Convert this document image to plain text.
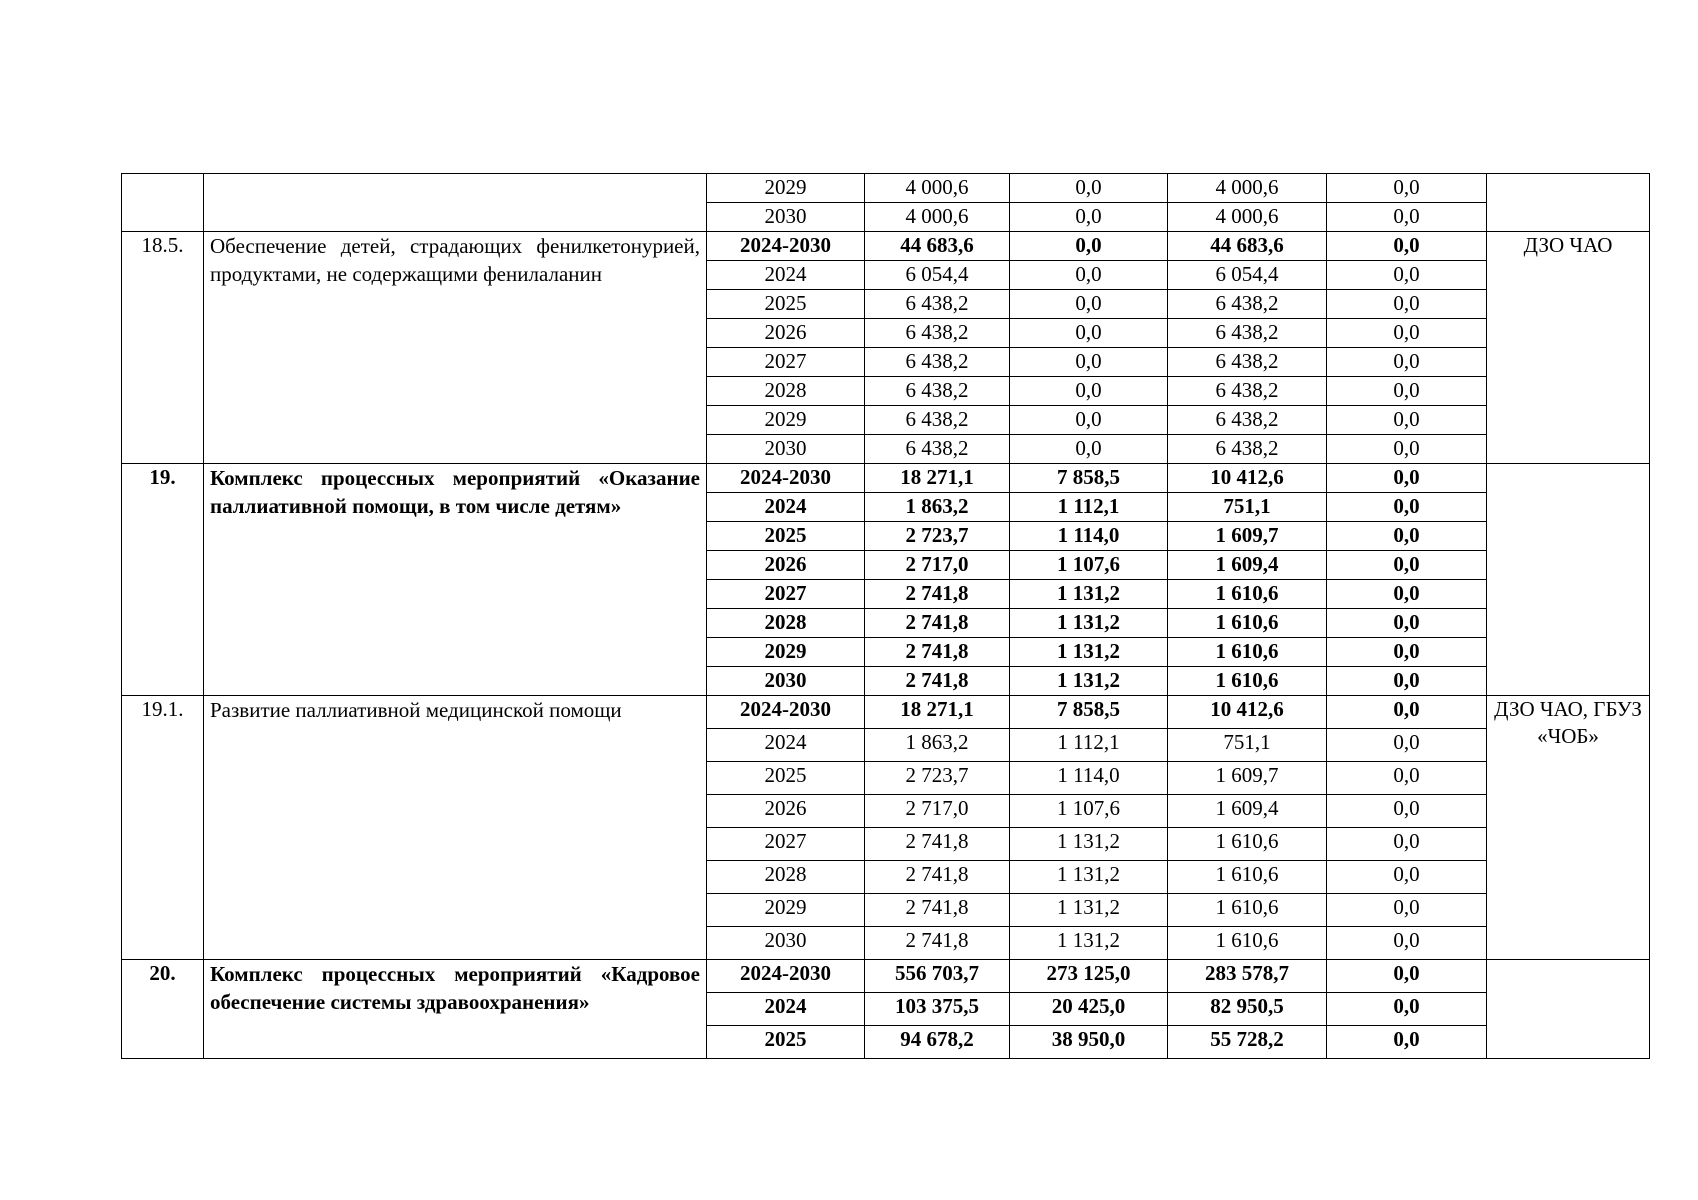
		2029	4 000,6	0,0	4 000,6	0,0	
		2030	4 000,6	0,0	4 000,6	0,0	
18.5.	Обеспечение детей, страдающих фенилкетонурией, продуктами, не содержащими фенилаланин	2024-2030	44 683,6	0,0	44 683,6	0,0	ДЗО ЧАО
		2024	6 054,4	0,0	6 054,4	0,0	
		2025	6 438,2	0,0	6 438,2	0,0	
		2026	6 438,2	0,0	6 438,2	0,0	
		2027	6 438,2	0,0	6 438,2	0,0	
		2028	6 438,2	0,0	6 438,2	0,0	
		2029	6 438,2	0,0	6 438,2	0,0	
		2030	6 438,2	0,0	6 438,2	0,0	
19.	Комплекс процессных мероприятий «Оказание паллиативной помощи, в том числе детям»	2024-2030	18 271,1	7 858,5	10 412,6	0,0	
		2024	1 863,2	1 112,1	751,1	0,0	
		2025	2 723,7	1 114,0	1 609,7	0,0	
		2026	2 717,0	1 107,6	1 609,4	0,0	
		2027	2 741,8	1 131,2	1 610,6	0,0	
		2028	2 741,8	1 131,2	1 610,6	0,0	
		2029	2 741,8	1 131,2	1 610,6	0,0	
		2030	2 741,8	1 131,2	1 610,6	0,0	
19.1.	Развитие паллиативной медицинской помощи	2024-2030	18 271,1	7 858,5	10 412,6	0,0	ДЗО ЧАО, ГБУЗ «ЧОБ»
		2024	1 863,2	1 112,1	751,1	0,0	
		2025	2 723,7	1 114,0	1 609,7	0,0	
		2026	2 717,0	1 107,6	1 609,4	0,0	
		2027	2 741,8	1 131,2	1 610,6	0,0	
		2028	2 741,8	1 131,2	1 610,6	0,0	
		2029	2 741,8	1 131,2	1 610,6	0,0	
		2030	2 741,8	1 131,2	1 610,6	0,0	
20.	Комплекс процессных мероприятий «Кадровое обеспечение системы здравоохранения»	2024-2030	556 703,7	273 125,0	283 578,7	0,0	
		2024	103 375,5	20 425,0	82 950,5	0,0	
		2025	94 678,2	38 950,0	55 728,2	0,0	
